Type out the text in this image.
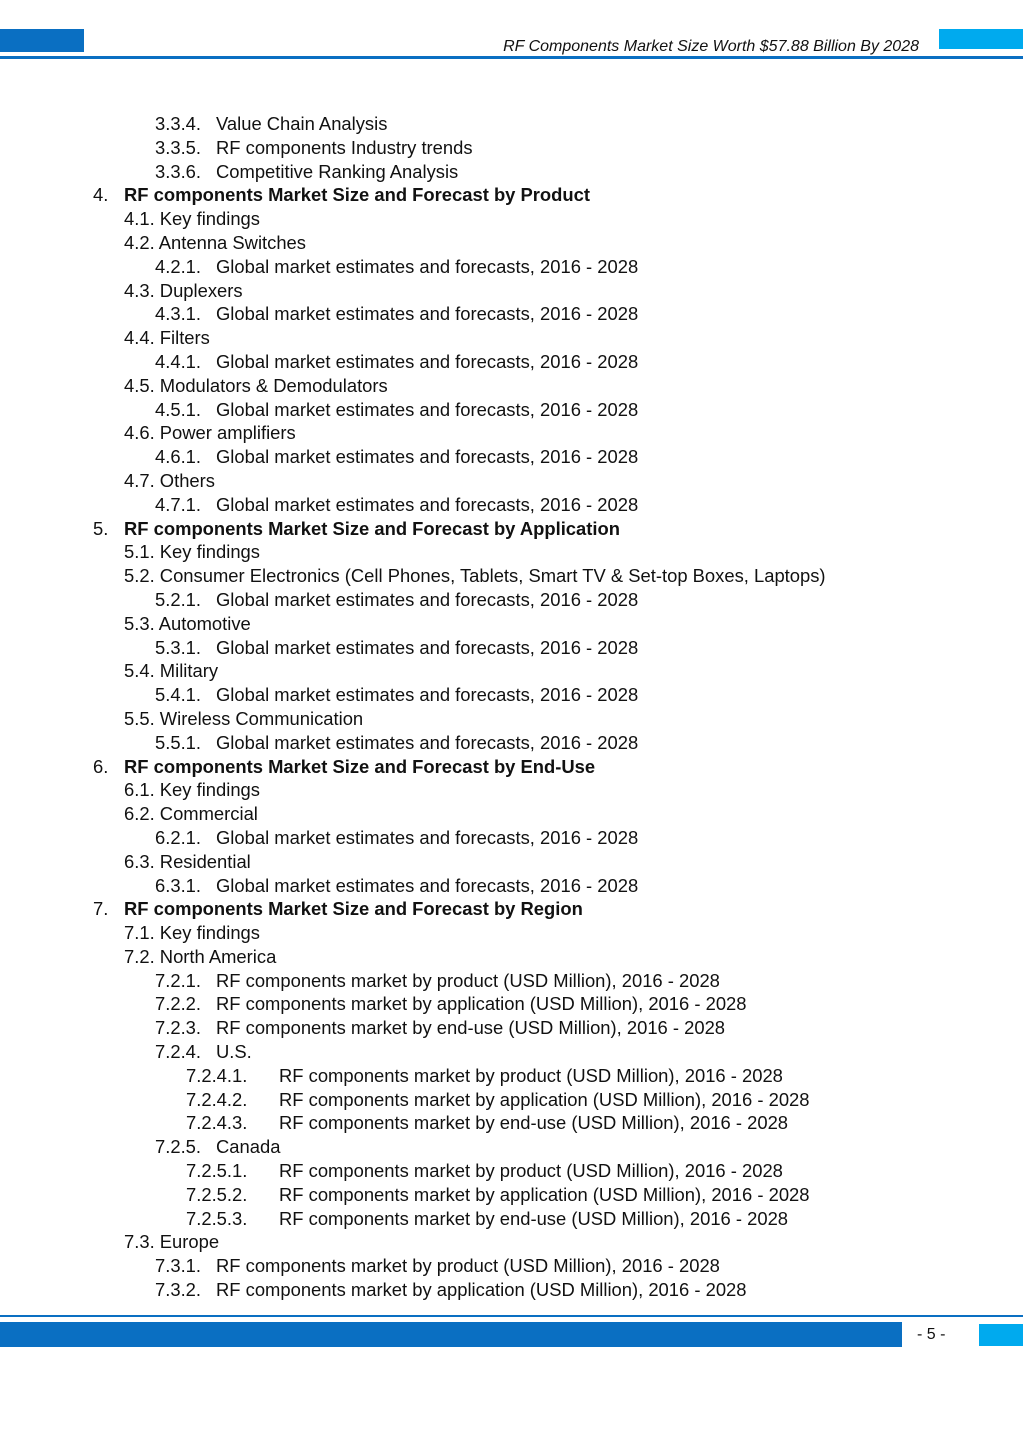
RF Components Market Size Worth $57.88 Billion By 2028
3.3.4. Value Chain Analysis
3.3.5. RF components Industry trends
3.3.6. Competitive Ranking Analysis
4. RF components Market Size and Forecast by Product
4.1. Key findings
4.2. Antenna Switches
4.2.1. Global market estimates and forecasts, 2016 - 2028
4.3. Duplexers
4.3.1. Global market estimates and forecasts, 2016 - 2028
4.4. Filters
4.4.1. Global market estimates and forecasts, 2016 - 2028
4.5. Modulators & Demodulators
4.5.1. Global market estimates and forecasts, 2016 - 2028
4.6. Power amplifiers
4.6.1. Global market estimates and forecasts, 2016 - 2028
4.7. Others
4.7.1. Global market estimates and forecasts, 2016 - 2028
5. RF components Market Size and Forecast by Application
5.1. Key findings
5.2. Consumer Electronics (Cell Phones, Tablets, Smart TV & Set-top Boxes, Laptops)
5.2.1. Global market estimates and forecasts, 2016 - 2028
5.3. Automotive
5.3.1. Global market estimates and forecasts, 2016 - 2028
5.4. Military
5.4.1. Global market estimates and forecasts, 2016 - 2028
5.5. Wireless Communication
5.5.1. Global market estimates and forecasts, 2016 - 2028
6. RF components Market Size and Forecast by End-Use
6.1. Key findings
6.2. Commercial
6.2.1. Global market estimates and forecasts, 2016 - 2028
6.3. Residential
6.3.1. Global market estimates and forecasts, 2016 - 2028
7. RF components Market Size and Forecast by Region
7.1. Key findings
7.2. North America
7.2.1. RF components market by product (USD Million), 2016 - 2028
7.2.2. RF components market by application (USD Million), 2016 - 2028
7.2.3. RF components market by end-use (USD Million), 2016 - 2028
7.2.4. U.S.
7.2.4.1. RF components market by product (USD Million), 2016 - 2028
7.2.4.2. RF components market by application (USD Million), 2016 - 2028
7.2.4.3. RF components market by end-use (USD Million), 2016 - 2028
7.2.5. Canada
7.2.5.1. RF components market by product (USD Million), 2016 - 2028
7.2.5.2. RF components market by application (USD Million), 2016 - 2028
7.2.5.3. RF components market by end-use (USD Million), 2016 - 2028
7.3. Europe
7.3.1. RF components market by product (USD Million), 2016 - 2028
7.3.2. RF components market by application (USD Million), 2016 - 2028
- 5 -
